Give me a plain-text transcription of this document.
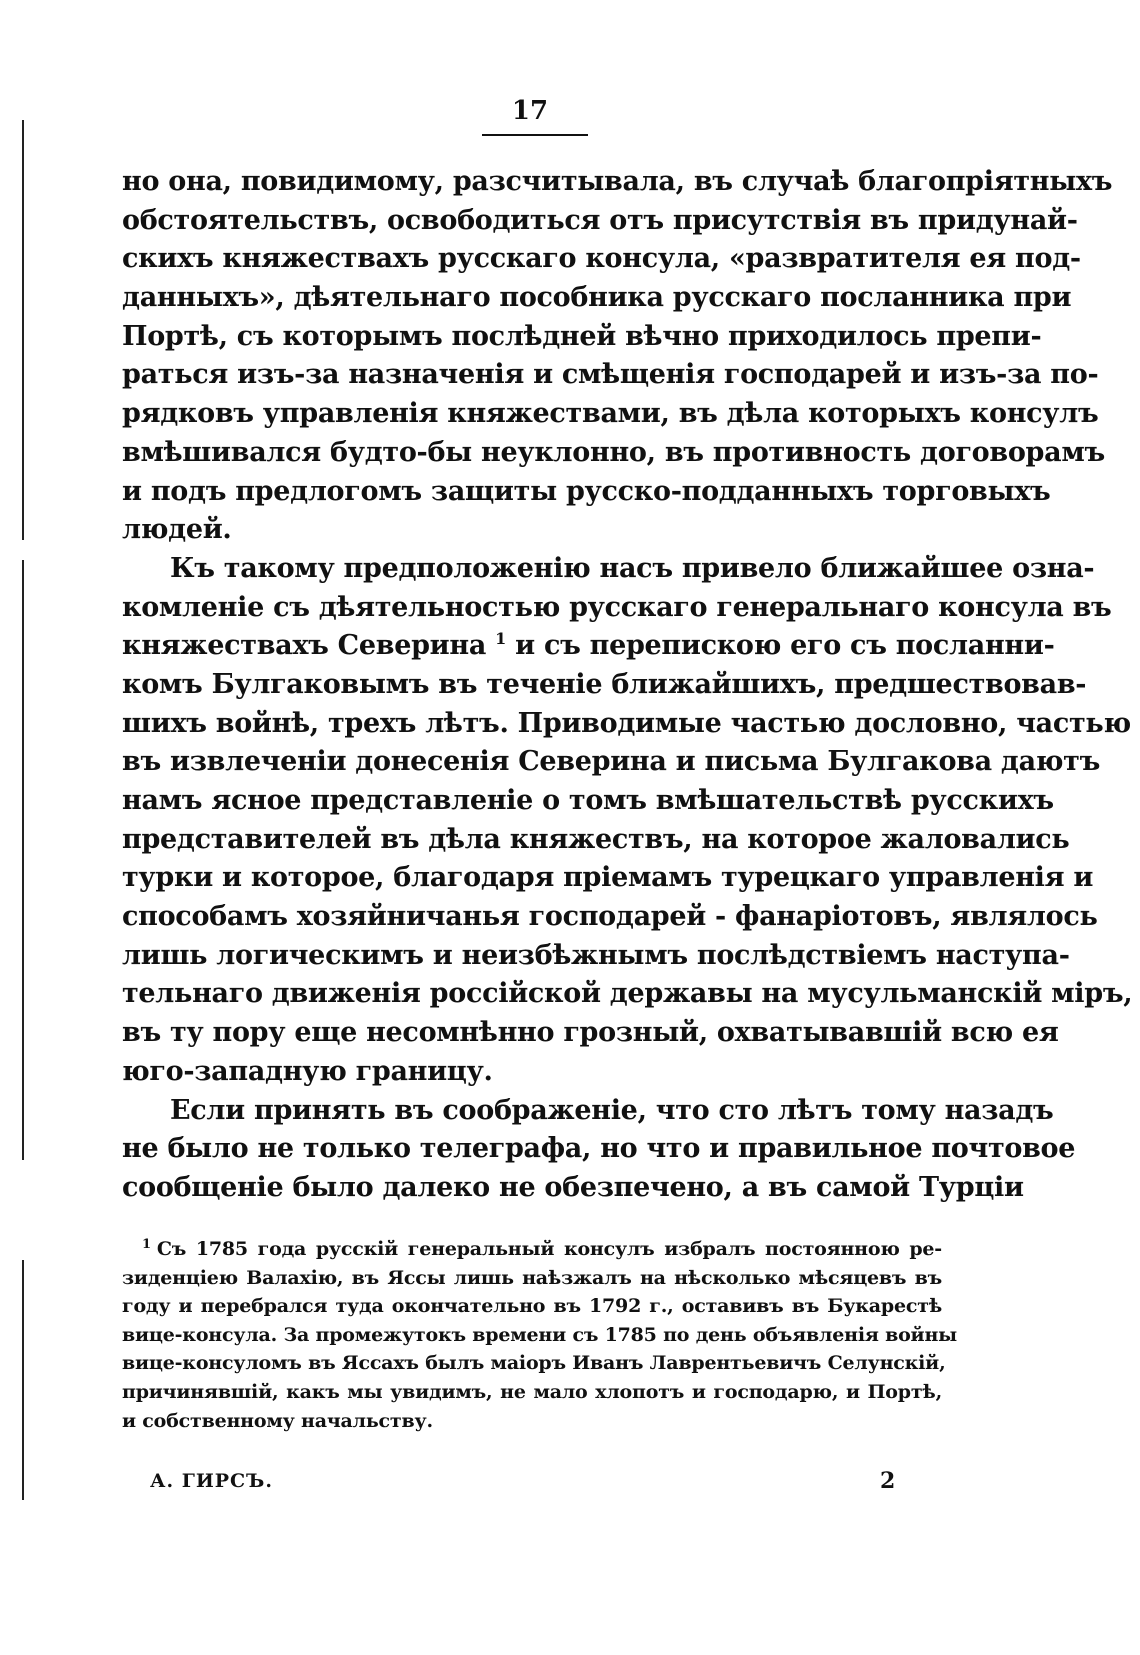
17
но она, повидимому, разсчитывала, въ случаѣ благопріятныхъ
обстоятельствъ, освободиться отъ присутствія въ придунай-
скихъ княжествахъ русскаго консула, «развратителя ея под-
данныхъ», дѣятельнаго пособника русскаго посланника при
Портѣ, съ которымъ послѣдней вѣчно приходилось препи-
раться изъ-за назначенія и смѣщенія господарей и изъ-за по-
рядковъ управленія княжествами, въ дѣла которыхъ консулъ
вмѣшивался будто-бы неуклонно, въ противность договорамъ
и подъ предлогомъ защиты русско-подданныхъ торговыхъ
людей.
Къ такому предположенію насъ привело ближайшее озна-
комленіе съ дѣятельностью русскаго генеральнаго консула въ
княжествахъ Северина $^1$ и съ перепискою его съ посланни-
комъ Булгаковымъ въ теченіе ближайшихъ, предшествовав-
шихъ войнѣ, трехъ лѣтъ. Приводимые частью дословно, частью
въ извлеченіи донесенія Северина и письма Булгакова даютъ
намъ ясное представленіе о томъ вмѣшательствѣ русскихъ
представителей въ дѣла княжествъ, на которое жаловались
турки и которое, благодаря пріемамъ турецкаго управленія и
способамъ хозяйничанья господарей - фанаріотовъ, являлось
лишь логическимъ и неизбѣжнымъ послѣдствіемъ наступа-
тельнаго движенія россійской державы на мусульманскій міръ,
въ ту пору еще несомнѣнно грозный, охватывавшій всю ея
юго-западную границу.
Если принять въ соображеніе, что сто лѣтъ тому назадъ
не было не только телеграфа, но что и правильное почтовое
сообщеніе было далеко не обезпечено, а въ самой Турціи
$^1$ Съ 1785 года русскій генеральный консулъ избралъ постоянною ре-
зиденціею Валахію, въ Яссы лишь наѣзжалъ на нѣсколько мѣсяцевъ въ
году и перебрался туда окончательно въ 1792 г., оставивъ въ Букарестѣ
вице-консула. За промежутокъ времени съ 1785 по день объявленія войны
вице-консуломъ въ Яссахъ былъ маіоръ Иванъ Лаврентьевичъ Селунскій,
причинявшій, какъ мы увидимъ, не мало хлопотъ и господарю, и Портѣ,
и собственному начальству.
А. ГИРСЪ.	2
